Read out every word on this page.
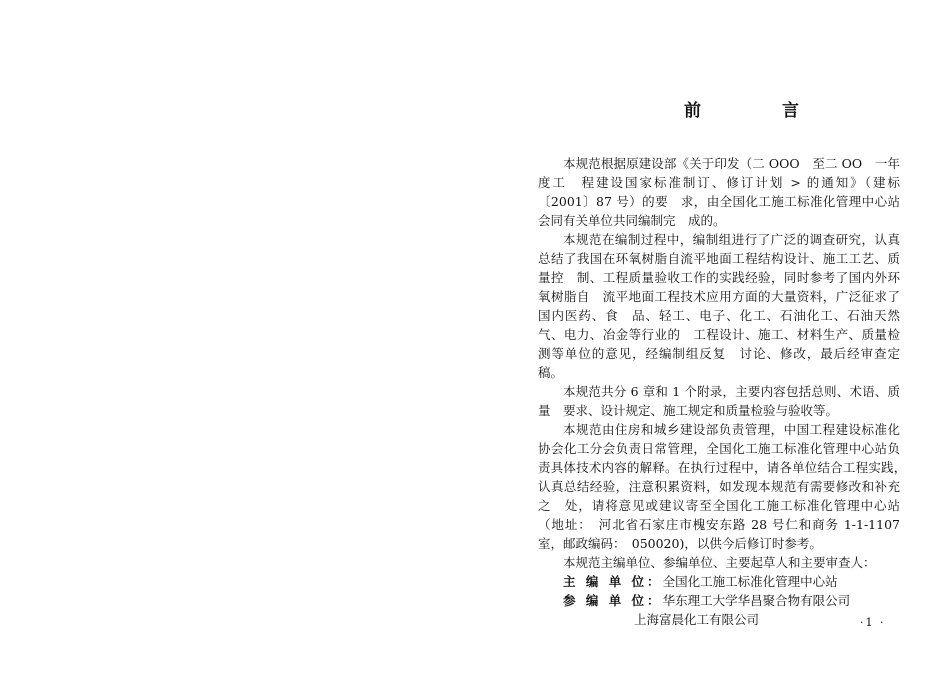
前　言

本规范根据原建设部《关于印发（二 OOO　至二 OO　一年度工　程建设国家标准制订、修订计划 > 的通知》（建标〔2001〕87 号）的要　求，由全国化工施工标准化管理中心站会同有关单位共同编制完　成的。

本规范在编制过程中，编制组进行了广泛的调查研究，认真总结了我国在环氧树脂自流平地面工程结构设计、施工工艺、质量控　制、工程质量验收工作的实践经验，同时参考了国内外环氧树脂自　流平地面工程技术应用方面的大量资料，广泛征求了国内医药、食　品、轻工、电子、化工、石油化工、石油天然气、电力、冶金等行业的　工程设计、施工、材料生产、质量检测等单位的意见，经编制组反复　讨论、修改，最后经审查定稿。

本规范共分 6 章和 1 个附录，主要内容包括总则、术语、质量　要求、设计规定、施工规定和质量检验与验收等。

本规范由住房和城乡建设部负责管理，中国工程建设标准化协会化工分会负责日常管理，全国化工施工标准化管理中心站负　责具体技术内容的解释。在执行过程中，请各单位结合工程实践，　认真总结经验，注意积累资料，如发现本规范有需要修改和补充之　处，请将意见或建议寄至全国化工施工标准化管理中心站（地址：　河北省石家庄市槐安东路 28 号仁和商务 1-1-1107 室，邮政编码：　050020)，以供今后修订时参考。

本规范主编单位、参编单位、主要起草人和主要审查人：

主 编 单 位：全国化工施工标准化管理中心站

参 编 单 位：华东理工大学华昌聚合物有限公司

上海富晨化工有限公司	·1 ·
